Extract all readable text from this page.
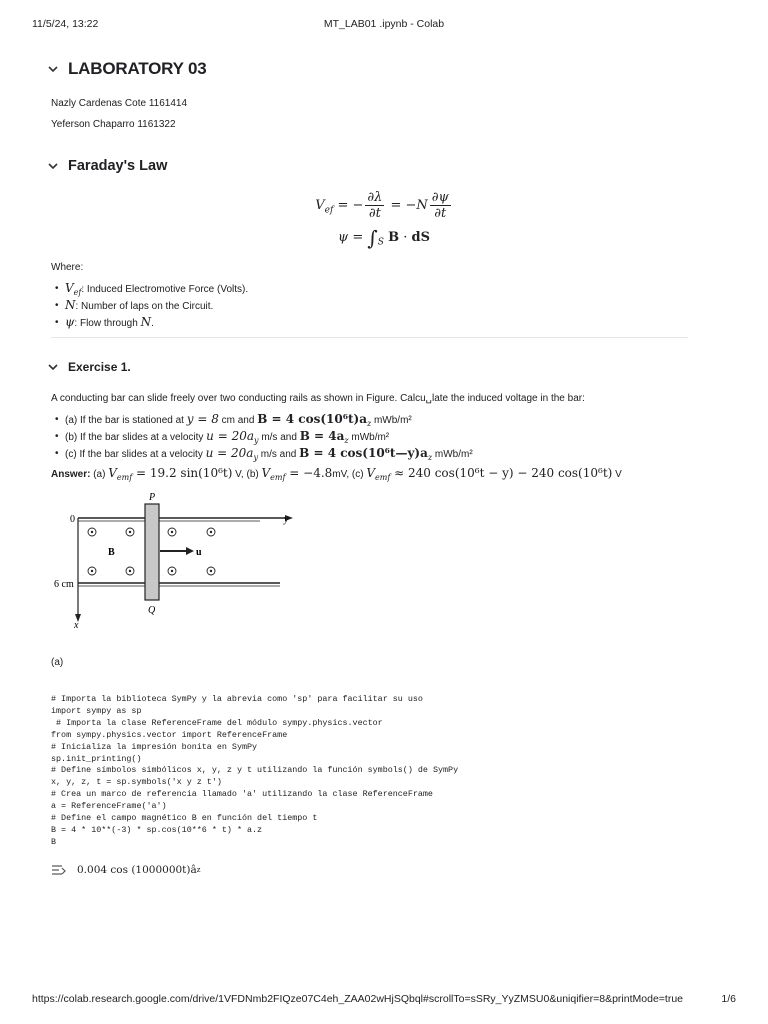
11/5/24, 13:22	MT_LAB01 .ipynb - Colab
LABORATORY 03
Nazly Cardenas Cote 1161414
Yeferson Chaparro 1161322
Faraday's Law
$V_{ef}$ = − $\frac{\partial\lambda}{\partial t} = -N \frac{\partial\psi}{\partial t}$
$\psi = \int_S$ B · dS
Where:
• $V_{ef}$: Induced Electromotive Force (Volts).
• N: Number of laps on the Circuit.
• ψ: Flow through N.
Exercise 1.
A conducting bar can slide freely over two conducting rails as shown in Figure. Calcu␣late the induced voltage in the bar:
• (a) If the bar is stationed at y = 8 cm and B = 4 $\cos(10^6t)a_z$ mWb/m²
• (b) If the bar slides at a velocity $u = 20a_y$ m/s and $B = 4a_z$ mWb/m²
• (c) If the bar slides at a velocity $u = 20a_y$ m/s and B = 4 $\cos(10^6t—y)a_z$ mWb/m²
Answer: (a) $V_{emf} = 19.2$ sin(10⁶t) V, (b) $V_{emf} = -4.8mV$, (c) $V_{emf} \approx 240$ cos(10⁶t − y) − 240 cos(10⁶t) V
0
6 cm
P
Q
x
y
B	u
(a)
# Importa la biblioteca SymPy y la abrevia como 'sp' para facilitar su uso
import sympy as sp
# Importa la clase ReferenceFrame del módulo sympy.physics.vector
from sympy.physics.vector import ReferenceFrame
# Inicializa la impresión bonita en SymPy
sp.init_printing()
# Define símbolos simbólicos x, y, z y t utilizando la función symbols() de SymPy
x, y, z, t = sp.symbols('x y z t')
# Crea un marco de referencia llamado 'a' utilizando la clase ReferenceFrame
a = ReferenceFrame('a')
# Define el campo magnético B en función del tiempo t
B = 4 * 10**(-3) * sp.cos(10**6 * t) * a.z
B
0.004 cos (1000000t)â z
https://colab.research.google.com/drive/1VFDNmb2FIQze07C4eh_ZAA02wHjSQbql#scrollTo=sSRy_YyZMSU0&uniqifier=8&printMode=true	1/6
